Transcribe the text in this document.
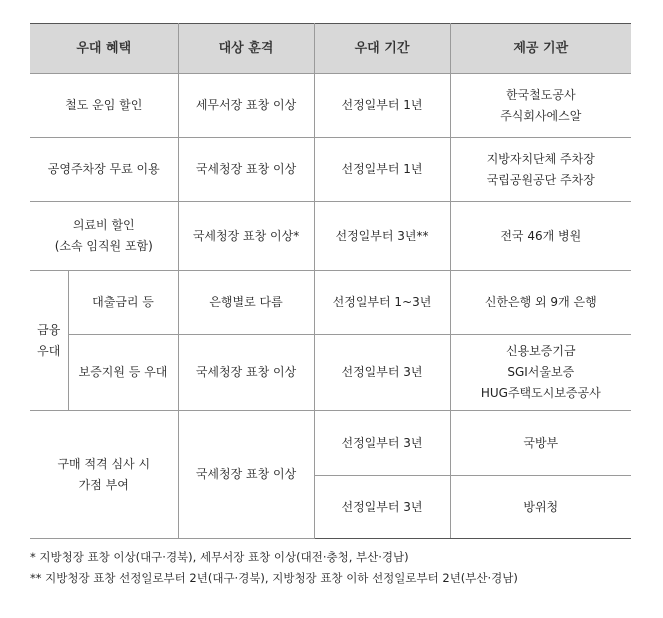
우대 혜택		대상 훈격	우대 기간	제공 기관
철도 운임 할인		세무서장 표창 이상	선정일부터 1년	한국철도공사
주식회사에스알

공영주차장 무료 이용		국세청장 표창 이상	선정일부터 1년	지방자치단체 주차장
국립공원공단 주차장

의료비 할인
(소속 임직원 포함)		국세청장 표창 이상*	선정일부터 3년**	전국 46개 병원

금융
우대	대출금리 등	은행별로 다름	선정일부터 1~3년	신한은행 외 9개 은행
	보증지원 등 우대	국세청장 표창 이상	선정일부터 3년	신용보증기금
SGI서울보증
HUG주택도시보증공사

구매 적격 심사 시
가점 부여		국세청장 표창 이상	선정일부터 3년	국방부
			선정일부터 3년	방위청
* 지방청장 표창 이상(대구·경북), 세무서장 표창 이상(대전·충청, 부산·경남)
** 지방청장 표창 선정일로부터 2년(대구·경북), 지방청장 표창 이하 선정일로부터 2년(부산·경남)
